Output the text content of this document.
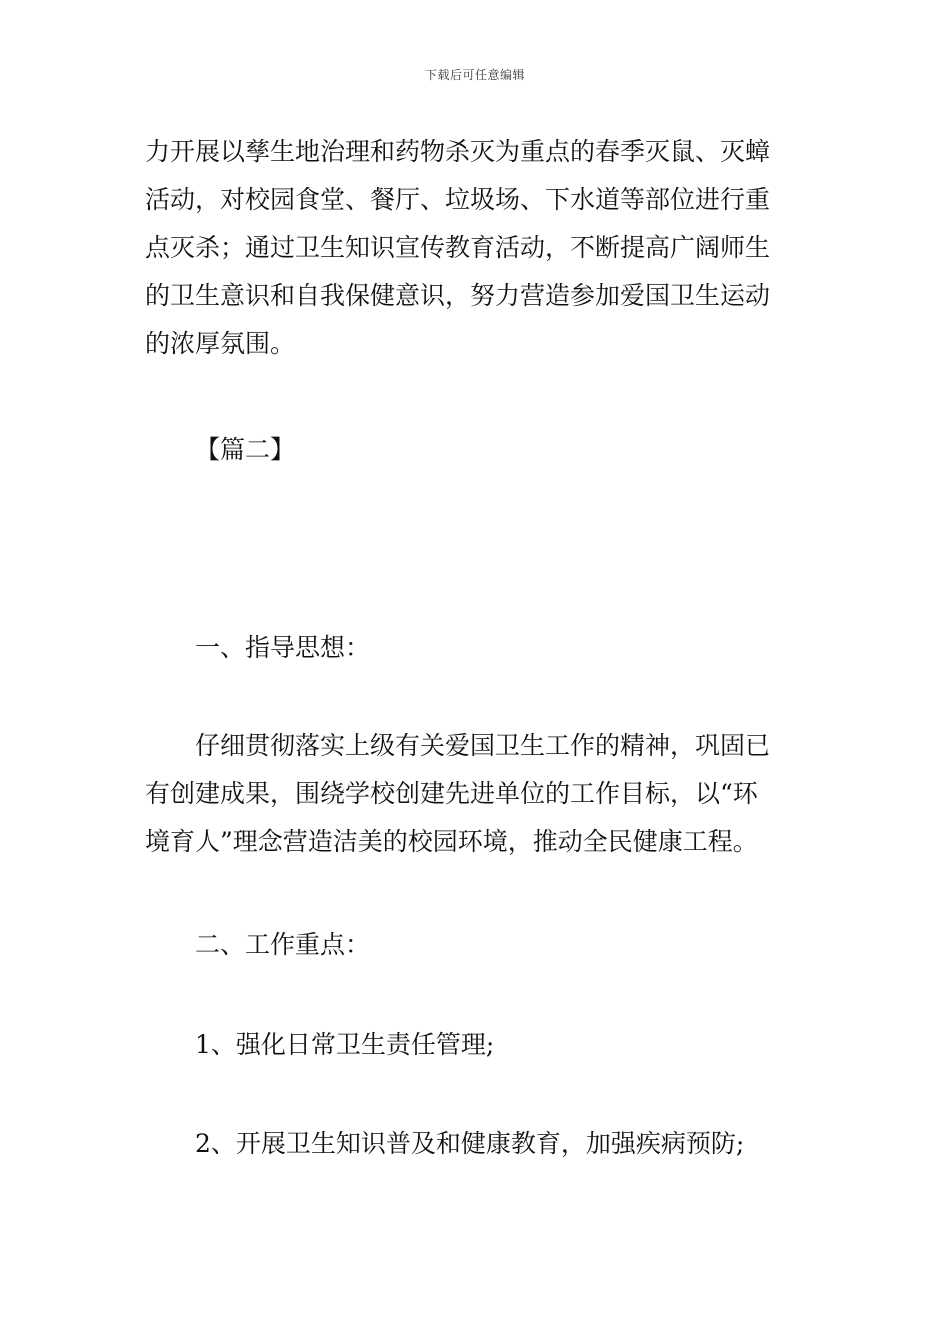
下载后可任意编辑
力开展以孳生地治理和药物杀灭为重点的春季灭鼠、灭蟑
活动，对校园食堂、餐厅、垃圾场、下水道等部位进行重
点灭杀；通过卫生知识宣传教育活动，不断提高广阔师生
的卫生意识和自我保健意识，努力营造参加爱国卫生运动
的浓厚氛围。
【篇二】
一、指导思想：
仔细贯彻落实上级有关爱国卫生工作的精神，巩固已
有创建成果，围绕学校创建先进单位的工作目标，以“环
境育人”理念营造洁美的校园环境，推动全民健康工程。
二、工作重点：
1、强化日常卫生责任管理;
2、开展卫生知识普及和健康教育，加强疾病预防;
